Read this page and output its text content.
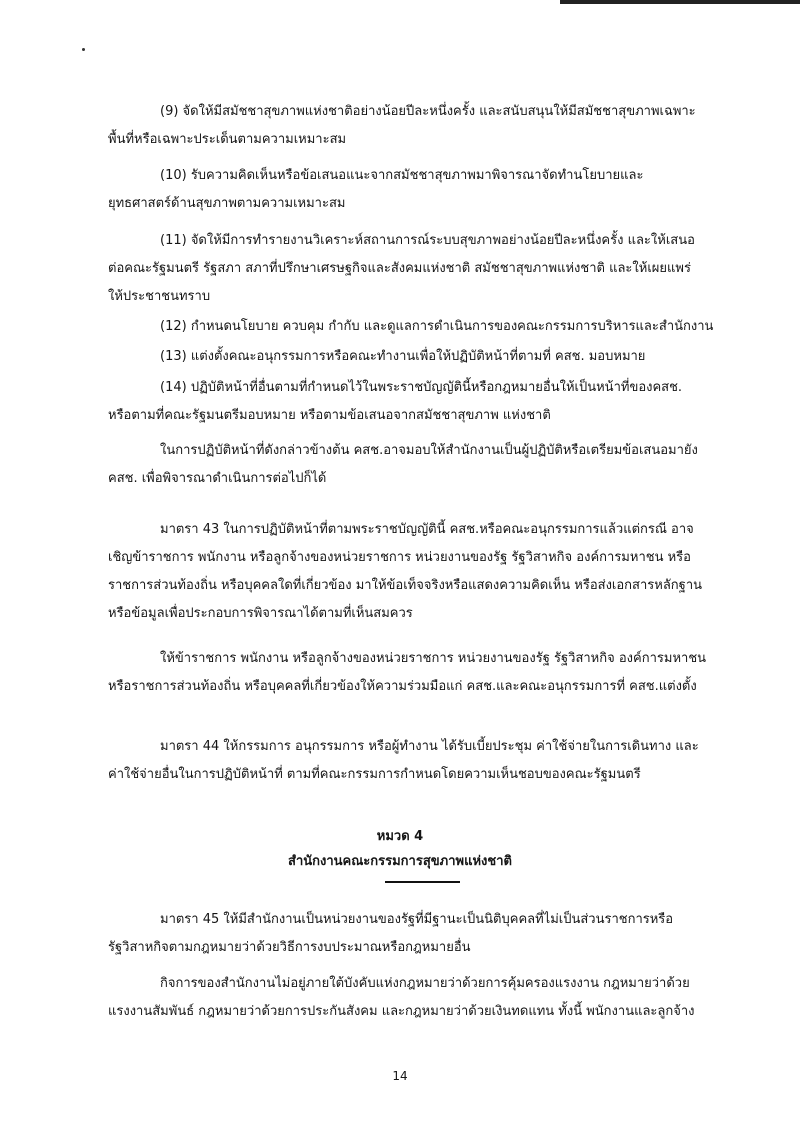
(9) จัดให้มีสมัชชาสุขภาพแห่งชาติอย่างน้อยปีละหนึ่งครั้ง และสนับสนุนให้มีสมัชชาสุขภาพเฉพาะ
พื้นที่หรือเฉพาะประเด็นตามความเหมาะสม

(10) รับความคิดเห็นหรือข้อเสนอแนะจากสมัชชาสุขภาพมาพิจารณาจัดทำนโยบายและ
ยุทธศาสตร์ด้านสุขภาพตามความเหมาะสม

(11) จัดให้มีการทำรายงานวิเคราะห์สถานการณ์ระบบสุขภาพอย่างน้อยปีละหนึ่งครั้ง และให้เสนอ
ต่อคณะรัฐมนตรี รัฐสภา สภาที่ปรึกษาเศรษฐกิจและสังคมแห่งชาติ สมัชชาสุขภาพแห่งชาติ และให้เผยแพร่
ให้ประชาชนทราบ

(12) กำหนดนโยบาย ควบคุม กำกับ และดูแลการดำเนินการของคณะกรรมการบริหารและสำนักงาน

(13) แต่งตั้งคณะอนุกรรมการหรือคณะทำงานเพื่อให้ปฏิบัติหน้าที่ตามที่ คสช. มอบหมาย

(14) ปฏิบัติหน้าที่อื่นตามที่กำหนดไว้ในพระราชบัญญัตินี้หรือกฎหมายอื่นให้เป็นหน้าที่ของคสช.
หรือตามที่คณะรัฐมนตรีมอบหมาย หรือตามข้อเสนอจากสมัชชาสุขภาพ แห่งชาติ

ในการปฏิบัติหน้าที่ดังกล่าวข้างต้น คสช.อาจมอบให้สำนักงานเป็นผู้ปฏิบัติหรือเตรียมข้อเสนอมายัง
คสช. เพื่อพิจารณาดำเนินการต่อไปก็ได้

มาตรา 43 ในการปฏิบัติหน้าที่ตามพระราชบัญญัตินี้ คสช.หรือคณะอนุกรรมการแล้วแต่กรณี อาจ
เชิญข้าราชการ พนักงาน หรือลูกจ้างของหน่วยราชการ หน่วยงานของรัฐ รัฐวิสาหกิจ องค์การมหาชน หรือ
ราชการส่วนท้องถิ่น หรือบุคคลใดที่เกี่ยวข้อง มาให้ข้อเท็จจริงหรือแสดงความคิดเห็น หรือส่งเอกสารหลักฐาน
หรือข้อมูลเพื่อประกอบการพิจารณาได้ตามที่เห็นสมควร

ให้ข้าราชการ พนักงาน หรือลูกจ้างของหน่วยราชการ หน่วยงานของรัฐ รัฐวิสาหกิจ องค์การมหาชน
หรือราชการส่วนท้องถิ่น หรือบุคคลที่เกี่ยวข้องให้ความร่วมมือแก่ คสช.และคณะอนุกรรมการที่ คสช.แต่งตั้ง

มาตรา 44 ให้กรรมการ อนุกรรมการ หรือผู้ทำงาน ได้รับเบี้ยประชุม ค่าใช้จ่ายในการเดินทาง และ
ค่าใช้จ่ายอื่นในการปฏิบัติหน้าที่ ตามที่คณะกรรมการกำหนดโดยความเห็นชอบของคณะรัฐมนตรี

หมวด 4

สำนักงานคณะกรรมการสุขภาพแห่งชาติ

มาตรา 45 ให้มีสำนักงานเป็นหน่วยงานของรัฐที่มีฐานะเป็นนิติบุคคลที่ไม่เป็นส่วนราชการหรือ
รัฐวิสาหกิจตามกฎหมายว่าด้วยวิธีการงบประมาณหรือกฎหมายอื่น

กิจการของสำนักงานไม่อยู่ภายใต้บังคับแห่งกฎหมายว่าด้วยการคุ้มครองแรงงาน กฎหมายว่าด้วย
แรงงานสัมพันธ์ กฎหมายว่าด้วยการประกันสังคม และกฎหมายว่าด้วยเงินทดแทน ทั้งนี้ พนักงานและลูกจ้าง

14
